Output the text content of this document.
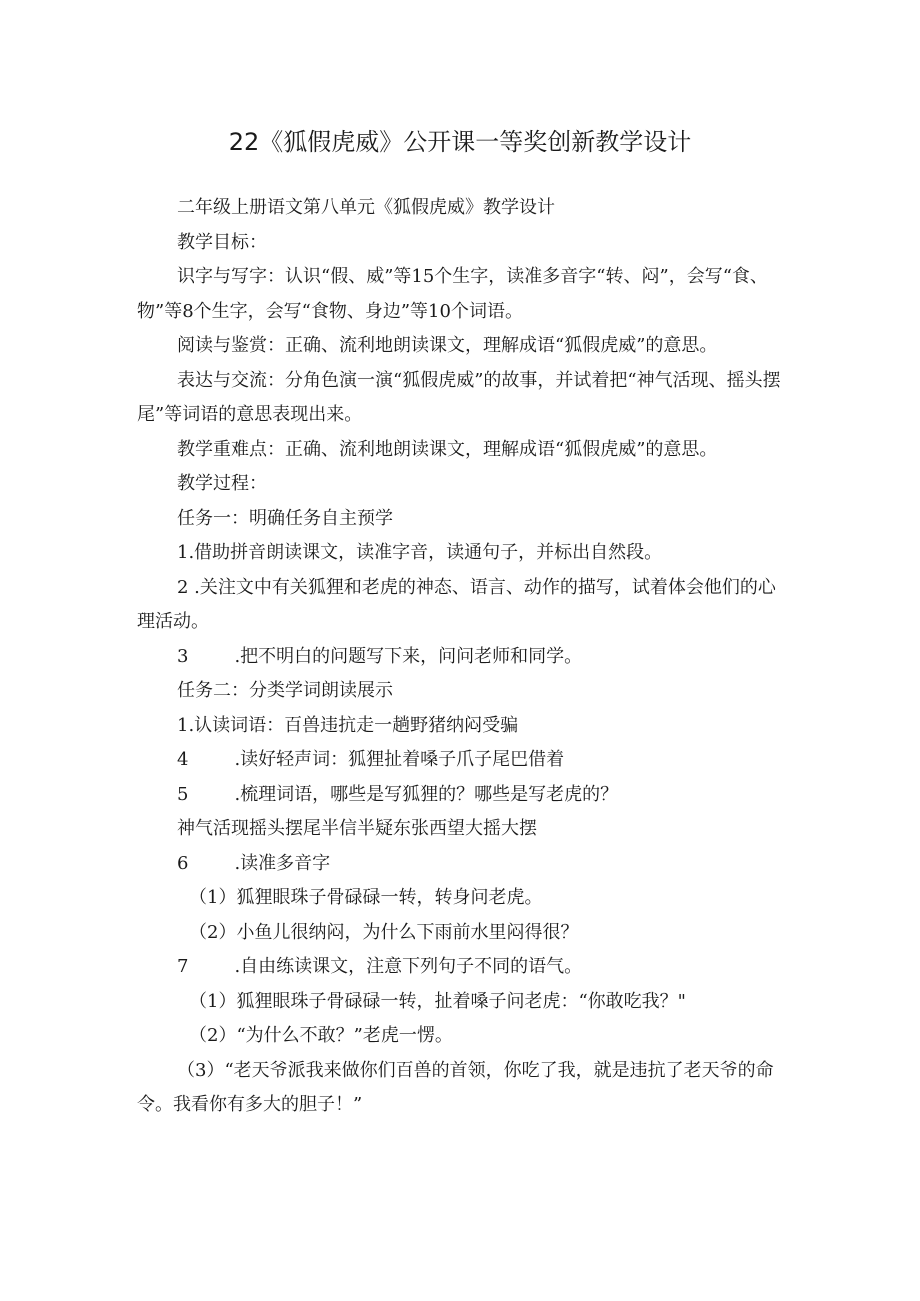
22《狐假虎威》公开课一等奖创新教学设计

二年级上册语文第八单元《狐假虎威》教学设计

教学目标：

识字与写字：认识“假、威”等15个生字，读准多音字“转、闷”，会写“食、物”等8个生字，会写“食物、身边”等10个词语。

阅读与鉴赏：正确、流利地朗读课文，理解成语“狐假虎威”的意思。

表达与交流：分角色演一演“狐假虎威”的故事，并试着把“神气活现、摇头摆尾”等词语的意思表现出来。

教学重难点：正确、流利地朗读课文，理解成语“狐假虎威”的意思。

教学过程：

任务一：明确任务自主预学

1.借助拼音朗读课文，读准字音，读通句子，并标出自然段。

2 .关注文中有关狐狸和老虎的神态、语言、动作的描写，试着体会他们的心理活动。

3	.把不明白的问题写下来，问问老师和同学。

任务二：分类学词朗读展示

1.认读词语：百兽违抗走一趟野猪纳闷受骗

4	.读好轻声词：狐狸扯着嗓子爪子尾巴借着

5	.梳理词语，哪些是写狐狸的？哪些是写老虎的？

神气活现摇头摆尾半信半疑东张西望大摇大摆

6	.读准多音字

（1）狐狸眼珠子骨碌碌一转，转身问老虎。

（2）小鱼儿很纳闷，为什么下雨前水里闷得很？

7	.自由练读课文，注意下列句子不同的语气。

（1）狐狸眼珠子骨碌碌一转，扯着嗓子问老虎：“你敢吃我？"

（2）“为什么不敢？”老虎一愣。

（3）“老天爷派我来做你们百兽的首领，你吃了我，就是违抗了老天爷的命令。我看你有多大的胆子！”
